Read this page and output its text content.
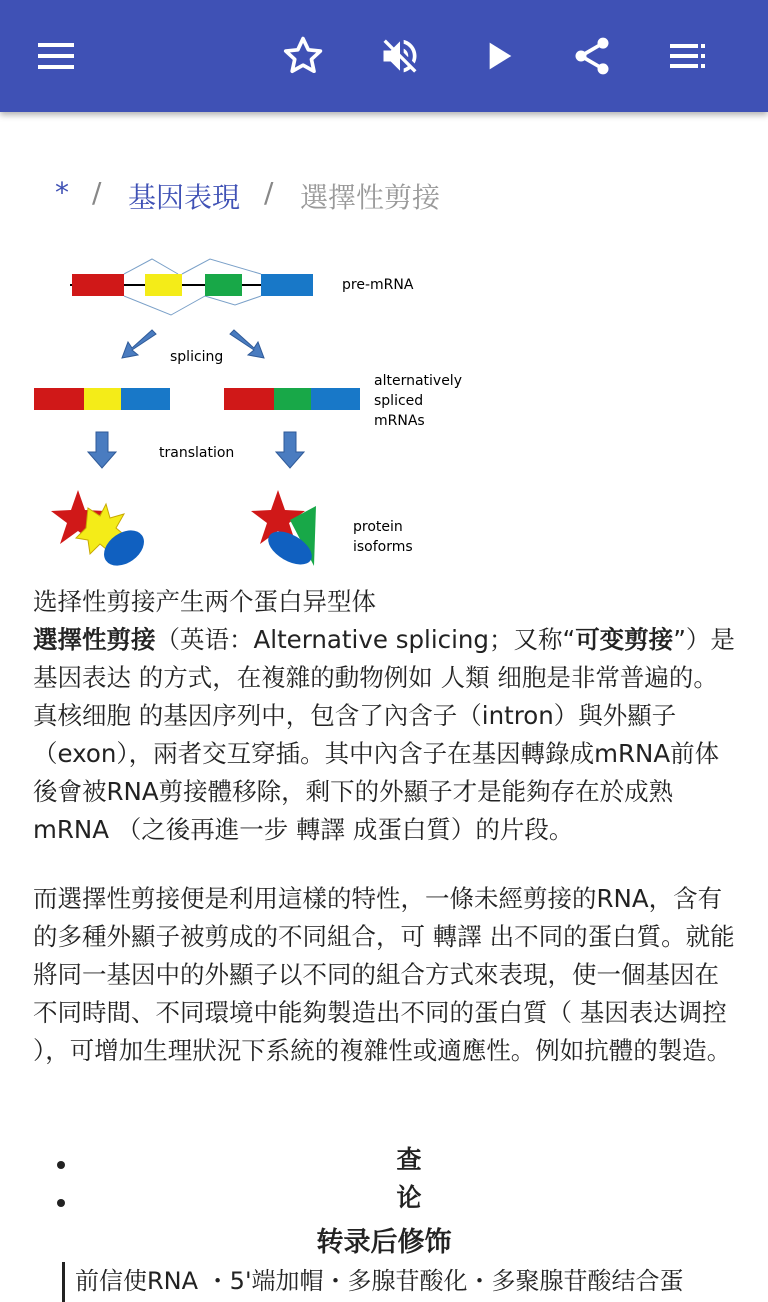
* / 基因表現 / 選擇性剪接
pre-mRNA
splicing
alternatively
spliced
mRNAs
translation
protein
isoforms
选择性剪接产生两个蛋白异型体
選擇性剪接（英语：Alternative splicing；又称“可变剪接”）是 基因表达 的方式，在複雜的動物例如 人類 细胞是非常普遍的。 真核细胞 的基因序列中，包含了內含子（intron）與外顯子（exon），兩者交互穿插。其中內含子在基因轉錄成mRNA前体 後會被RNA剪接體移除，剩下的外顯子才是能夠存在於成熟 mRNA （之後再進一步 轉譯 成蛋白質）的片段。
而選擇性剪接便是利用這樣的特性，一條未經剪接的RNA，含有的多種外顯子被剪成的不同組合，可 轉譯 出不同的蛋白質。就能將同一基因中的外顯子以不同的組合方式來表現，使一個基因在不同時間、不同環境中能夠製造出不同的蛋白質（ 基因表达调控 ），可增加生理狀況下系統的複雜性或適應性。例如抗體的製造。
查
论
转录后修饰
前信使RNA ・5'端加帽・多腺苷酸化・多聚腺苷酸结合蛋
